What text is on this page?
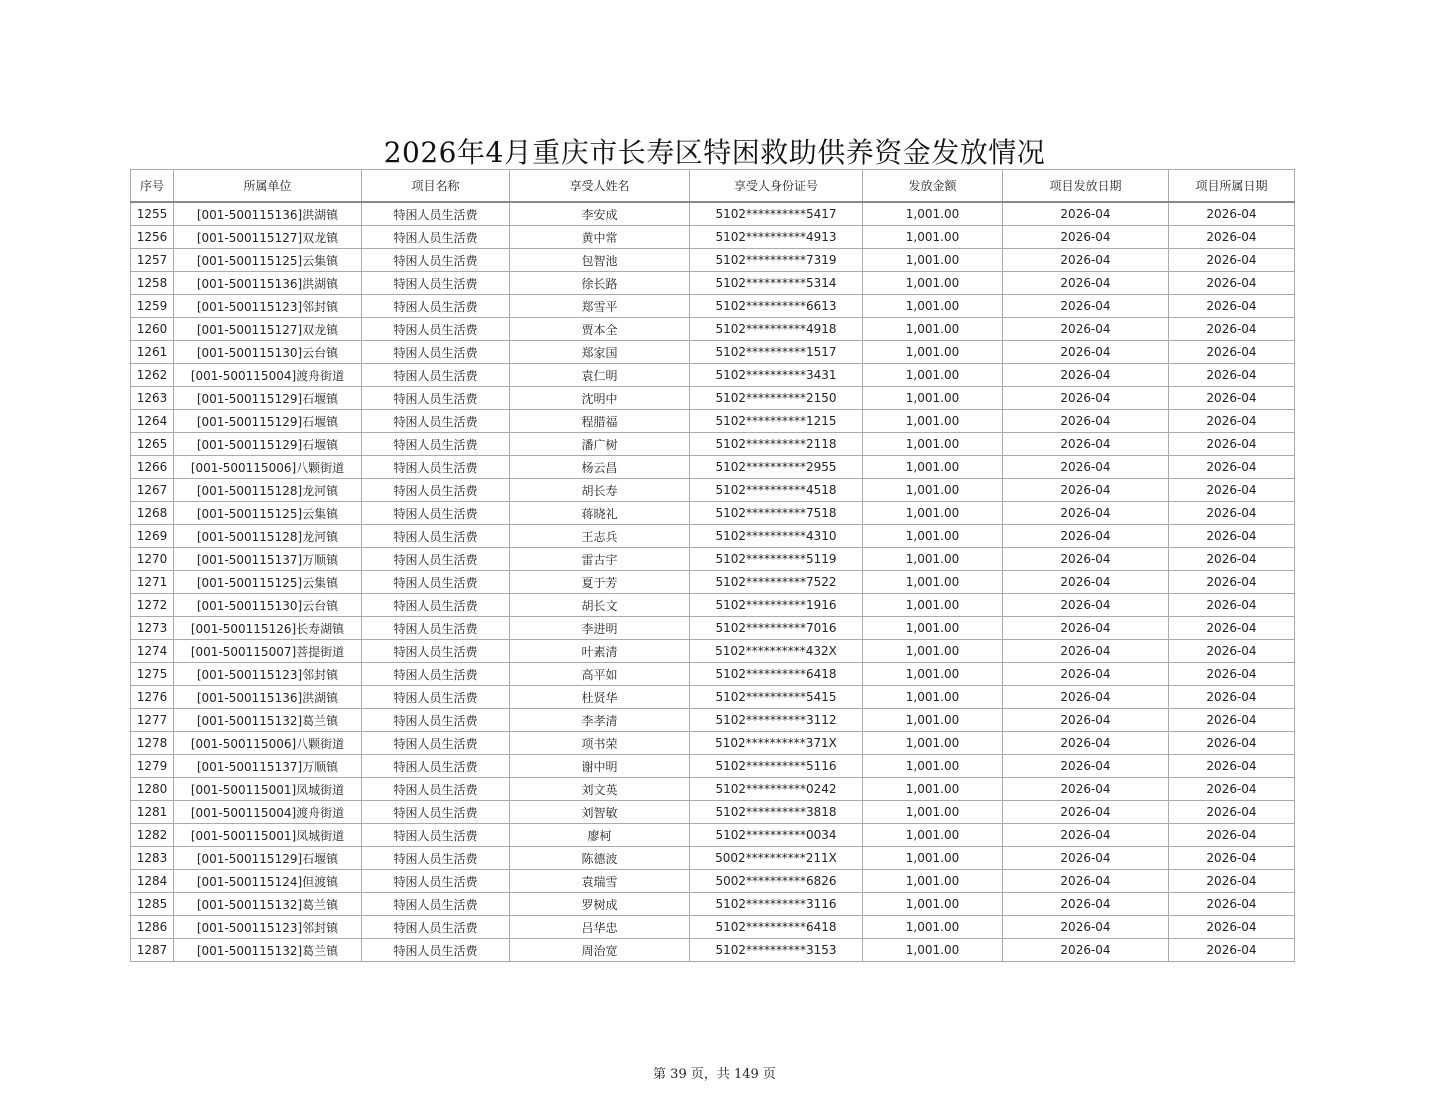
2026年4月重庆市长寿区特困救助供养资金发放情况
序号	所属单位	项目名称	享受人姓名	享受人身份证号	发放金额	项目发放日期	项目所属日期
1255	[001-500115136]洪湖镇	特困人员生活费	李安成	5102**********5417	1,001.00	2026-04	2026-04
1256	[001-500115127]双龙镇	特困人员生活费	黄中常	5102**********4913	1,001.00	2026-04	2026-04
1257	[001-500115125]云集镇	特困人员生活费	包智池	5102**********7319	1,001.00	2026-04	2026-04
1258	[001-500115136]洪湖镇	特困人员生活费	徐长路	5102**********5314	1,001.00	2026-04	2026-04
1259	[001-500115123]邻封镇	特困人员生活费	郑雪平	5102**********6613	1,001.00	2026-04	2026-04
1260	[001-500115127]双龙镇	特困人员生活费	贾本全	5102**********4918	1,001.00	2026-04	2026-04
1261	[001-500115130]云台镇	特困人员生活费	郑家国	5102**********1517	1,001.00	2026-04	2026-04
1262	[001-500115004]渡舟街道	特困人员生活费	袁仁明	5102**********3431	1,001.00	2026-04	2026-04
1263	[001-500115129]石堰镇	特困人员生活费	沈明中	5102**********2150	1,001.00	2026-04	2026-04
1264	[001-500115129]石堰镇	特困人员生活费	程腊福	5102**********1215	1,001.00	2026-04	2026-04
1265	[001-500115129]石堰镇	特困人员生活费	潘广树	5102**********2118	1,001.00	2026-04	2026-04
1266	[001-500115006]八颗街道	特困人员生活费	杨云昌	5102**********2955	1,001.00	2026-04	2026-04
1267	[001-500115128]龙河镇	特困人员生活费	胡长寿	5102**********4518	1,001.00	2026-04	2026-04
1268	[001-500115125]云集镇	特困人员生活费	蒋晓礼	5102**********7518	1,001.00	2026-04	2026-04
1269	[001-500115128]龙河镇	特困人员生活费	王志兵	5102**********4310	1,001.00	2026-04	2026-04
1270	[001-500115137]万顺镇	特困人员生活费	雷古宇	5102**********5119	1,001.00	2026-04	2026-04
1271	[001-500115125]云集镇	特困人员生活费	夏于芳	5102**********7522	1,001.00	2026-04	2026-04
1272	[001-500115130]云台镇	特困人员生活费	胡长文	5102**********1916	1,001.00	2026-04	2026-04
1273	[001-500115126]长寿湖镇	特困人员生活费	李进明	5102**********7016	1,001.00	2026-04	2026-04
1274	[001-500115007]菩提街道	特困人员生活费	叶素清	5102**********432X	1,001.00	2026-04	2026-04
1275	[001-500115123]邻封镇	特困人员生活费	高平如	5102**********6418	1,001.00	2026-04	2026-04
1276	[001-500115136]洪湖镇	特困人员生活费	杜贤华	5102**********5415	1,001.00	2026-04	2026-04
1277	[001-500115132]葛兰镇	特困人员生活费	李孝清	5102**********3112	1,001.00	2026-04	2026-04
1278	[001-500115006]八颗街道	特困人员生活费	项书荣	5102**********371X	1,001.00	2026-04	2026-04
1279	[001-500115137]万顺镇	特困人员生活费	谢中明	5102**********5116	1,001.00	2026-04	2026-04
1280	[001-500115001]凤城街道	特困人员生活费	刘文英	5102**********0242	1,001.00	2026-04	2026-04
1281	[001-500115004]渡舟街道	特困人员生活费	刘智敏	5102**********3818	1,001.00	2026-04	2026-04
1282	[001-500115001]凤城街道	特困人员生活费	廖柯	5102**********0034	1,001.00	2026-04	2026-04
1283	[001-500115129]石堰镇	特困人员生活费	陈德波	5002**********211X	1,001.00	2026-04	2026-04
1284	[001-500115124]但渡镇	特困人员生活费	袁瑞雪	5002**********6826	1,001.00	2026-04	2026-04
1285	[001-500115132]葛兰镇	特困人员生活费	罗树成	5102**********3116	1,001.00	2026-04	2026-04
1286	[001-500115123]邻封镇	特困人员生活费	吕华忠	5102**********6418	1,001.00	2026-04	2026-04
1287	[001-500115132]葛兰镇	特困人员生活费	周治宽	5102**********3153	1,001.00	2026-04	2026-04
第 39 页，共 149 页
